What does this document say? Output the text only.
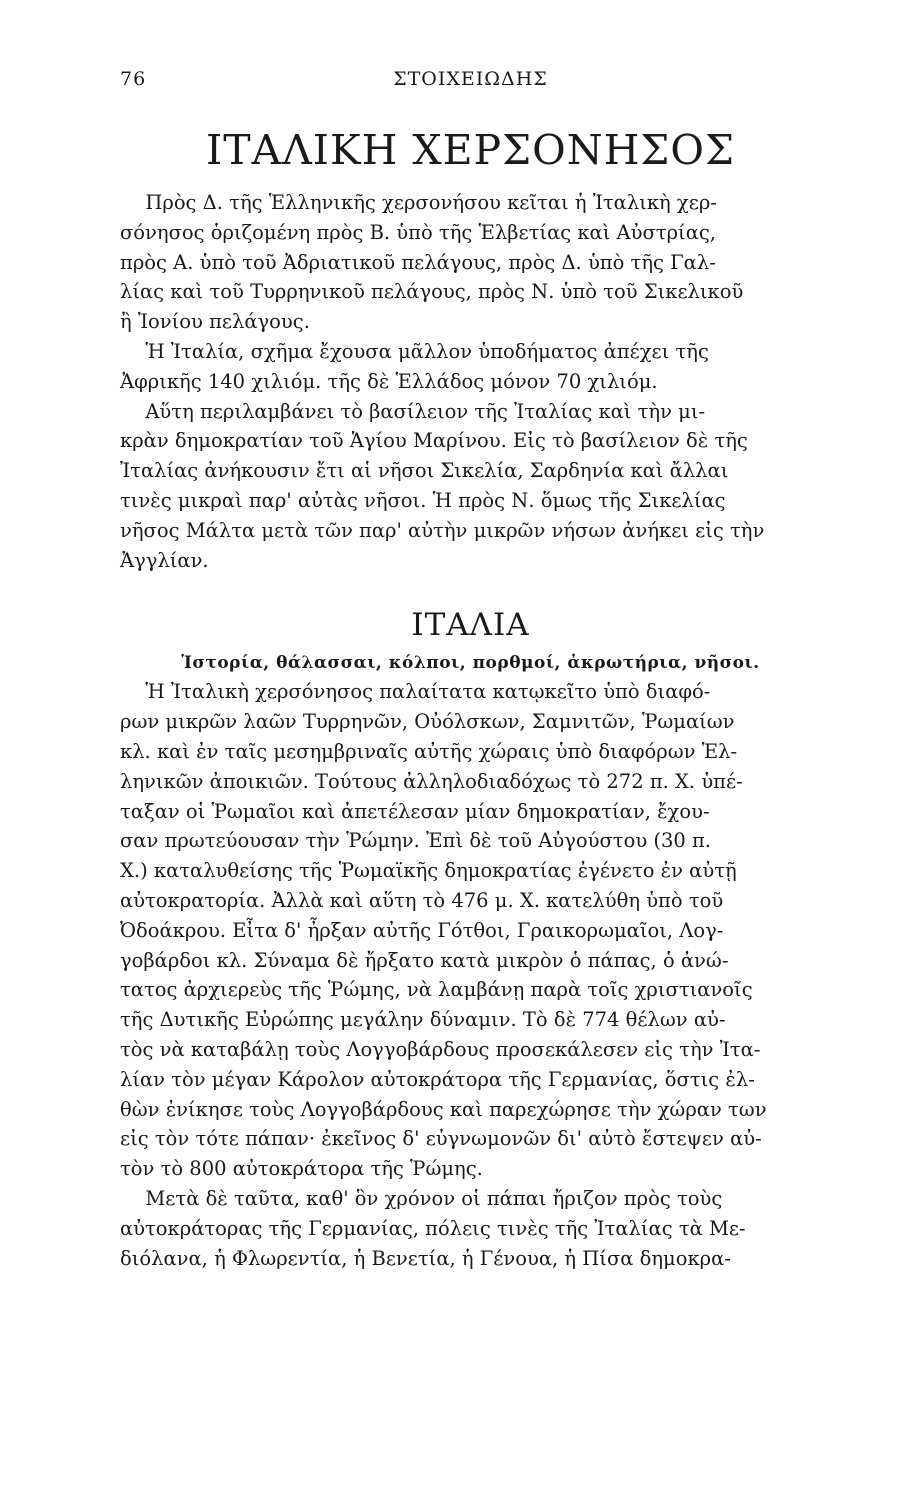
76	ΣΤΟΙΧΕΙΩΔΗΣ
ΙΤΑΛΙΚΗ ΧΕΡΣΟΝΗΣΟΣ

Πρὸς Δ. τῆς Ἑλληνικῆς χερσονήσου κεῖται ἡ Ἰταλικὴ χερ-
σόνησος ὁριζομένη πρὸς Β. ὑπὸ τῆς Ἑλβετίας καὶ Αὐστρίας,
πρὸς Α. ὑπὸ τοῦ Ἀδριατικοῦ πελάγους, πρὸς Δ. ὑπὸ τῆς Γαλ-
λίας καὶ τοῦ Τυρρηνικοῦ πελάγους, πρὸς Ν. ὑπὸ τοῦ Σικελικοῦ
ἢ Ἰονίου πελάγους.

Ἡ Ἰταλία, σχῆμα ἔχουσα μᾶλλον ὑποδήματος ἀπέχει τῆς
Ἀφρικῆς 140 χιλιόμ. τῆς δὲ Ἑλλάδος μόνον 70 χιλιόμ.

Αὕτη περιλαμβάνει τὸ βασίλειον τῆς Ἰταλίας καὶ τὴν μι-
κρὰν δημοκρατίαν τοῦ Ἁγίου Μαρίνου. Εἰς τὸ βασίλειον δὲ τῆς
Ἰταλίας ἀνήκουσιν ἔτι αἱ νῆσοι Σικελία, Σαρδηνία καὶ ἄλλαι
τινὲς μικραὶ παρ' αὐτὰς νῆσοι. Ἡ πρὸς Ν. ὅμως τῆς Σικελίας
νῆσος Μάλτα μετὰ τῶν παρ' αὐτὴν μικρῶν νήσων ἀνήκει εἰς τὴν
Ἀγγλίαν.

ΙΤΑΛΙΑ
Ἱστορία, θάλασσαι, κόλποι, πορθμοί, ἀκρωτήρια, νῆσοι.

Ἡ Ἰταλικὴ χερσόνησος παλαίτατα κατῳκεῖτο ὑπὸ διαφό-
ρων μικρῶν λαῶν Τυρρηνῶν, Οὐόλσκων, Σαμνιτῶν, Ῥωμαίων
κλ. καὶ ἐν ταῖς μεσημβριναῖς αὐτῆς χώραις ὑπὸ διαφόρων Ἑλ-
ληνικῶν ἀποικιῶν. Τούτους ἀλληλοδιαδόχως τὸ 272 π. Χ. ὑπέ-
ταξαν οἱ Ῥωμαῖοι καὶ ἀπετέλεσαν μίαν δημοκρατίαν, ἔχου-
σαν πρωτεύουσαν τὴν Ῥώμην. Ἐπὶ δὲ τοῦ Αὐγούστου (30 π.
Χ.) καταλυθείσης τῆς Ῥωμαϊκῆς δημοκρατίας ἐγένετο ἐν αὐτῇ
αὐτοκρατορία. Ἀλλὰ καὶ αὕτη τὸ 476 μ. Χ. κατελύθη ὑπὸ τοῦ
Ὀδοάκρου. Εἶτα δ' ἦρξαν αὐτῆς Γότθοι, Γραικορωμαῖοι, Λογ-
γοβάρδοι κλ. Σύναμα δὲ ἤρξατο κατὰ μικρὸν ὁ πάπας, ὁ ἀνώ-
τατος ἀρχιερεὺς τῆς Ῥώμης, νὰ λαμβάνῃ παρὰ τοῖς χριστιανοῖς
τῆς Δυτικῆς Εὐρώπης μεγάλην δύναμιν. Τὸ δὲ 774 θέλων αὐ-
τὸς νὰ καταβάλῃ τοὺς Λογγοβάρδους προσεκάλεσεν εἰς τὴν Ἰτα-
λίαν τὸν μέγαν Κάρολον αὐτοκράτορα τῆς Γερμανίας, ὅστις ἐλ-
θὼν ἐνίκησε τοὺς Λογγοβάρδους καὶ παρεχώρησε τὴν χώραν των
εἰς τὸν τότε πάπαν· ἐκεῖνος δ' εὐγνωμονῶν δι' αὐτὸ ἔστεψεν αὐ-
τὸν τὸ 800 αὐτοκράτορα τῆς Ῥώμης.

Μετὰ δὲ ταῦτα, καθ' ὃν χρόνον οἱ πάπαι ἤριζον πρὸς τοὺς
αὐτοκράτορας τῆς Γερμανίας, πόλεις τινὲς τῆς Ἰταλίας τὰ Με-
διόλανα, ἡ Φλωρεντία, ἡ Βενετία, ἡ Γένουα, ἡ Πίσα δημοκρα-
